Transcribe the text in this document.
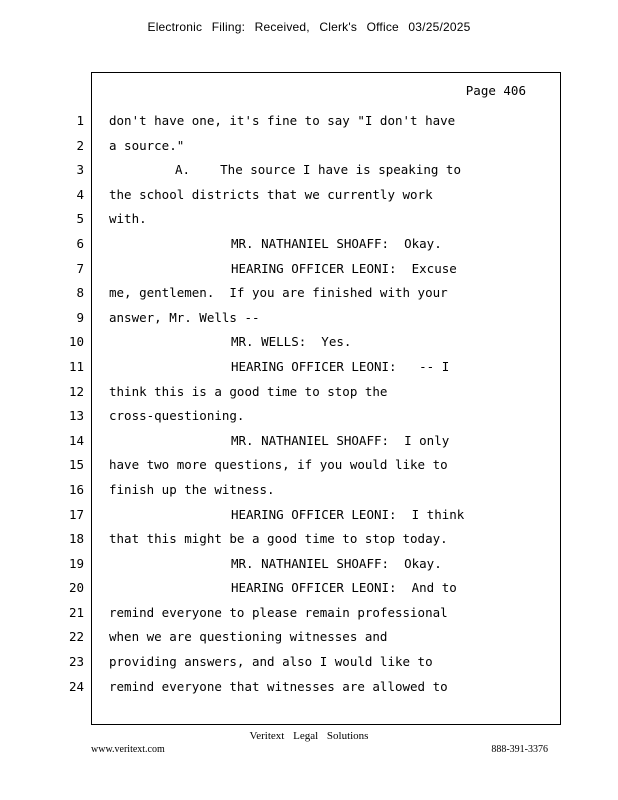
Electronic Filing: Received, Clerk's Office 03/25/2025
Page 406
1
2
3
4
5
6
7
8
9
10
11
12
13
14
15
16
17
18
19
20
21
22
23
24
don't have one, it's fine to say "I don't have
a source."
A.    The source I have is speaking to
the school districts that we currently work
with.
MR. NATHANIEL SHOAFF:  Okay.
HEARING OFFICER LEONI:  Excuse
me, gentlemen.  If you are finished with your
answer, Mr. Wells --
MR. WELLS:  Yes.
HEARING OFFICER LEONI:   -- I
think this is a good time to stop the
cross-questioning.
MR. NATHANIEL SHOAFF:  I only
have two more questions, if you would like to
finish up the witness.
HEARING OFFICER LEONI:  I think
that this might be a good time to stop today.
MR. NATHANIEL SHOAFF:  Okay.
HEARING OFFICER LEONI:  And to
remind everyone to please remain professional
when we are questioning witnesses and
providing answers, and also I would like to
remind everyone that witnesses are allowed to
Veritext Legal Solutions
www.veritext.com	888-391-3376
